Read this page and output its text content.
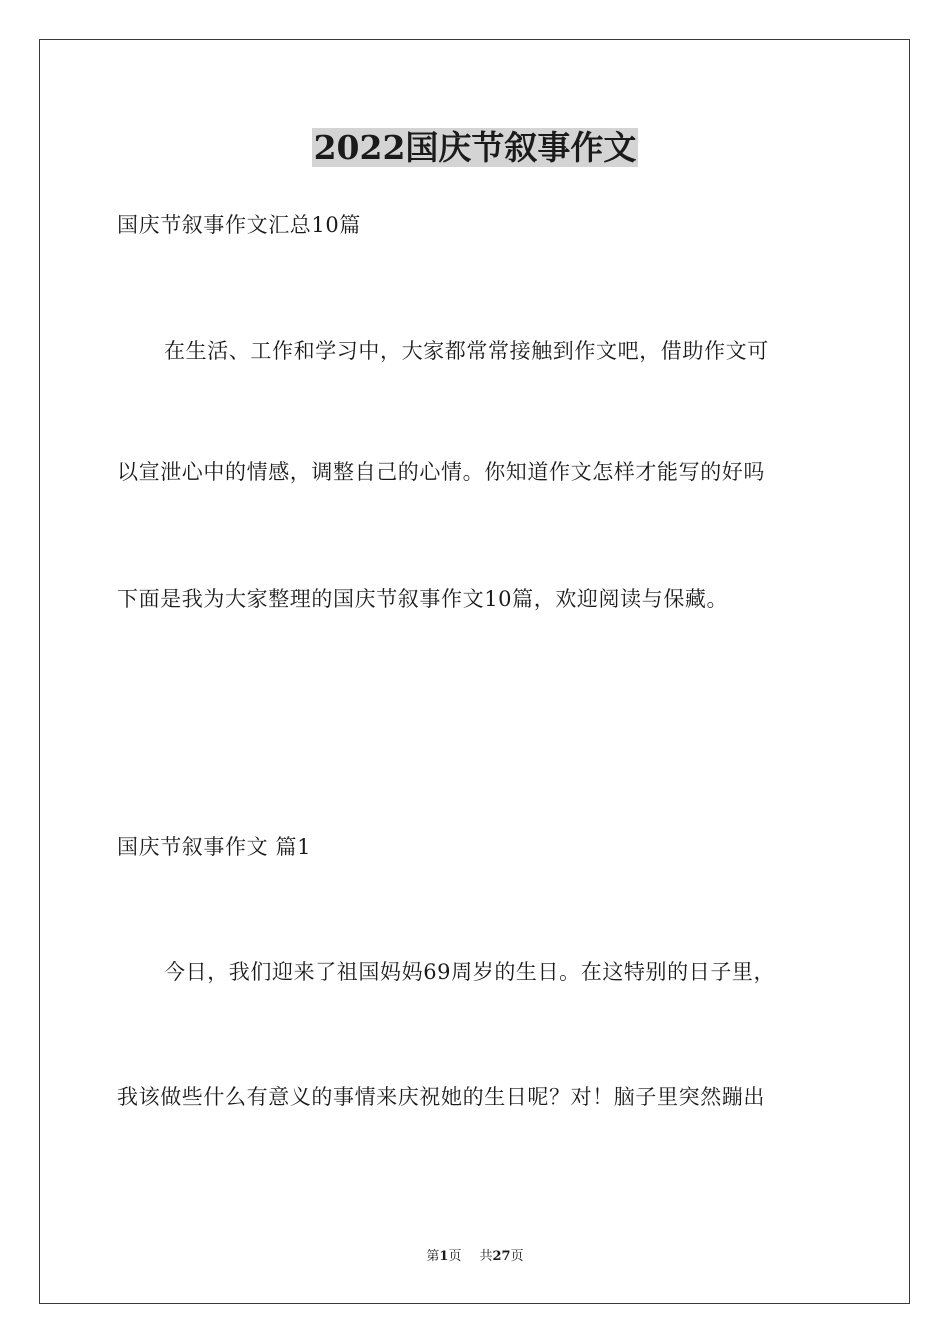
2022国庆节叙事作文
国庆节叙事作文汇总10篇
在生活、工作和学习中，大家都常常接触到作文吧，借助作文可
以宣泄心中的情感，调整自己的心情。你知道作文怎样才能写的好吗
下面是我为大家整理的国庆节叙事作文10篇，欢迎阅读与保藏。
国庆节叙事作文 篇1
今日，我们迎来了祖国妈妈69周岁的生日。在这特别的日子里，
我该做些什么有意义的事情来庆祝她的生日呢？对！脑子里突然蹦出
第1页 共27页
